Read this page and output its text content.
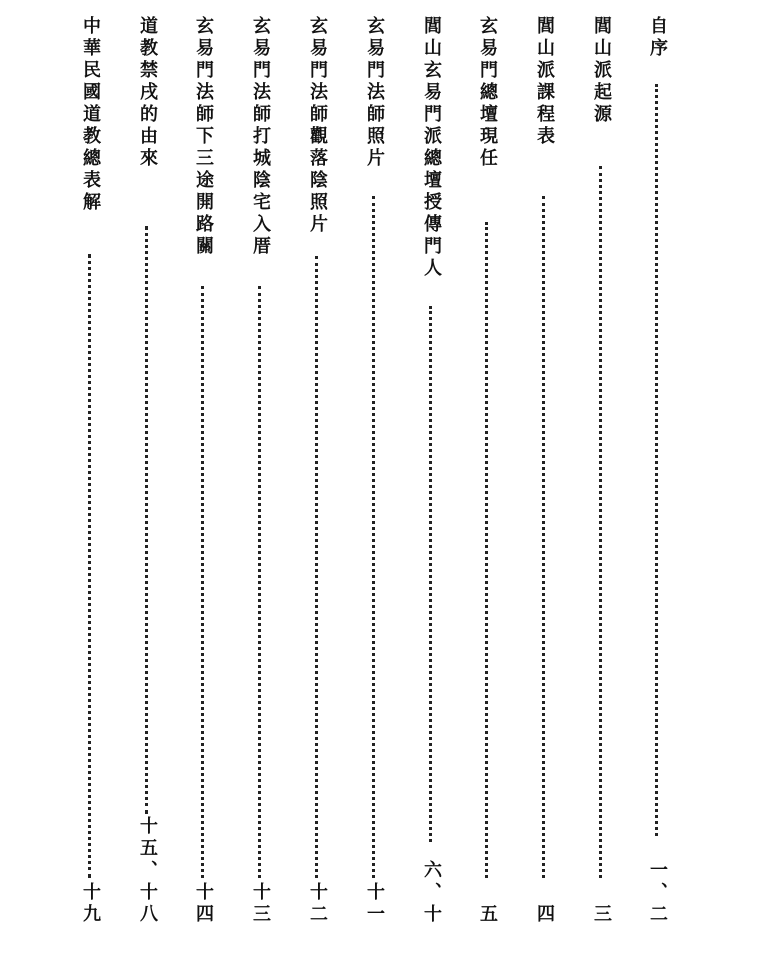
自序
一、二
閭山派起源
三
閭山派課程表
四
玄易門總壇現任
五
閭山玄易門派總壇授傳門人
六、十
玄易門法師照片
十一
玄易門法師觀落陰照片
十二
玄易門法師打城陰宅入厝
十三
玄易門法師下三途開路關
十四
道教禁戌的由來
十五、十八
中華民國道教總表解
十九
